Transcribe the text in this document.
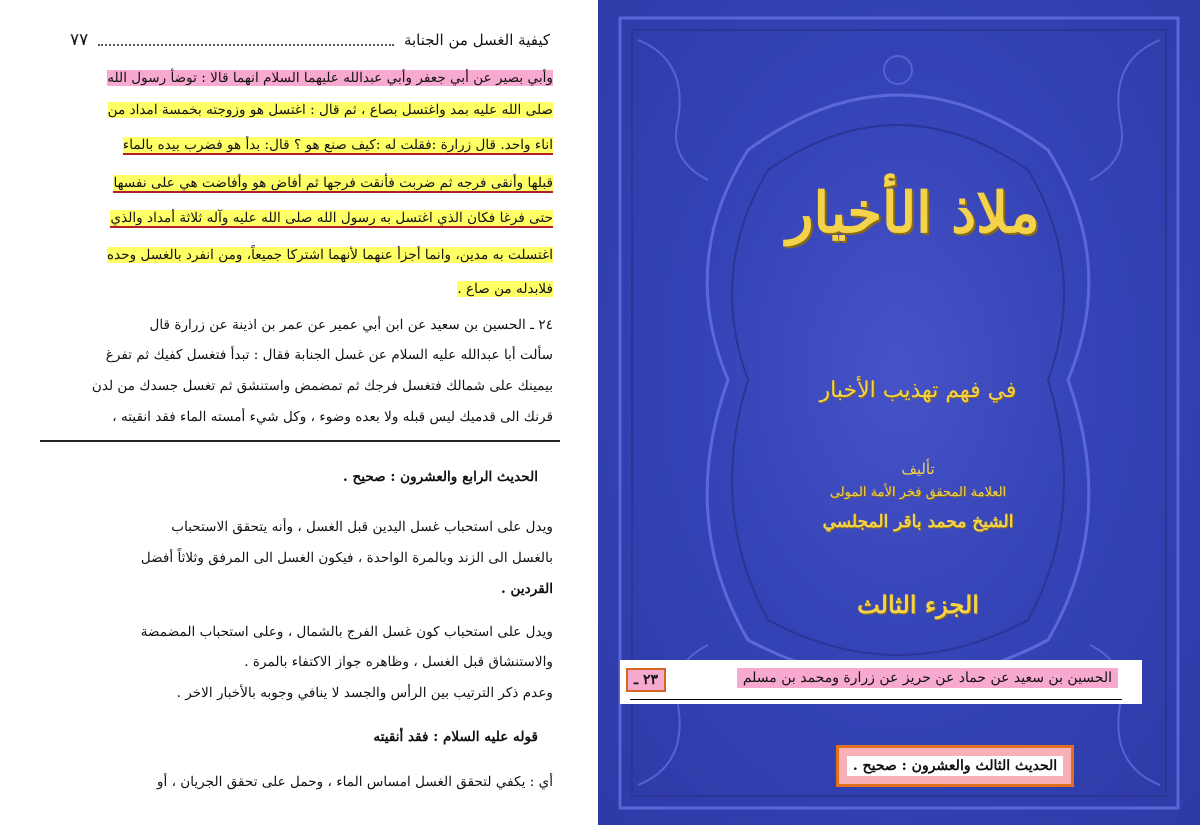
٧٧	كيفية الغسل من الجنابة
وأبي بصير عن أبي جعفر وأبي عبدالله عليهما السلام انهما قالا : توضأ رسول الله
صلى الله عليه بمد واغتسل بصاع ، ثم قال : اغتسل هو وزوجته بخمسة امداد من
اناء واحد. قال زرارة :فقلت له :كيف صنع هو ؟ قال: بدأ هو فضرب بيده بالماء
قبلها وأنقى فرجه ثم ضربت فأنقت فرجها ثم أفاض هو وأفاضت هي على نفسها
حتى فرغا فكان الذي اغتسل به رسول الله صلى الله عليه وآله ثلاثة أمداد والذي
اغتسلت به مدين، وانما أجزأ عنهما لأنهما اشتركا جميعاً، ومن انفرد بالغسل وحده
فلابدله من صاع .
٢٤ ـ الحسين بن سعيد عن ابن أبي عمير عن عمر بن اذينة عن زرارة قال
سألت أبا عبدالله عليه السلام عن غسل الجنابة فقال : تبدأ فتغسل كفيك ثم تفرغ
بيمينك على شمالك فتغسل فرجك ثم تمضمض واستنشق ثم تغسل جسدك من لدن
قرنك الى قدميك ليس قبله ولا بعده وضوء ، وكل شيء أمسته الماء فقد انقيته ،
الحديث الرابع والعشرون : صحيح .
ويدل على استحباب غسل اليدين قبل الغسل ، وأنه يتحقق الاستحباب
بالغسل الى الزند وبالمرة الواحدة ، فيكون الغسل الى المرفق وثلاثاً أفضل
القردين .
ويدل على استحباب كون غسل الفرج بالشمال ، وعلى استحباب المضمضة
والاستنشاق قبل الغسل ، وظاهره جواز الاكتفاء بالمرة .
وعدم ذكر الترتيب بين الرأس والجسد لا ينافي وجوبه بالأخبار الاخر .
قوله عليه السلام : فقد أنقيته
أي : يكفي لتحقق الغسل امساس الماء ، وحمل على تحقق الجريان ، أو
ملاذ الأخيار
في فهم تهذيب الأخبار
تأليف
العلامة المحقق فخر الأمة المولى
الشيخ محمد باقر المجلسي
الجزء الثالث
الحسين بن سعيد عن حماد عن حريز عن زرارة ومحمد بن مسلم
٢٣ ـ
الحديث الثالث والعشرون : صحيح .
